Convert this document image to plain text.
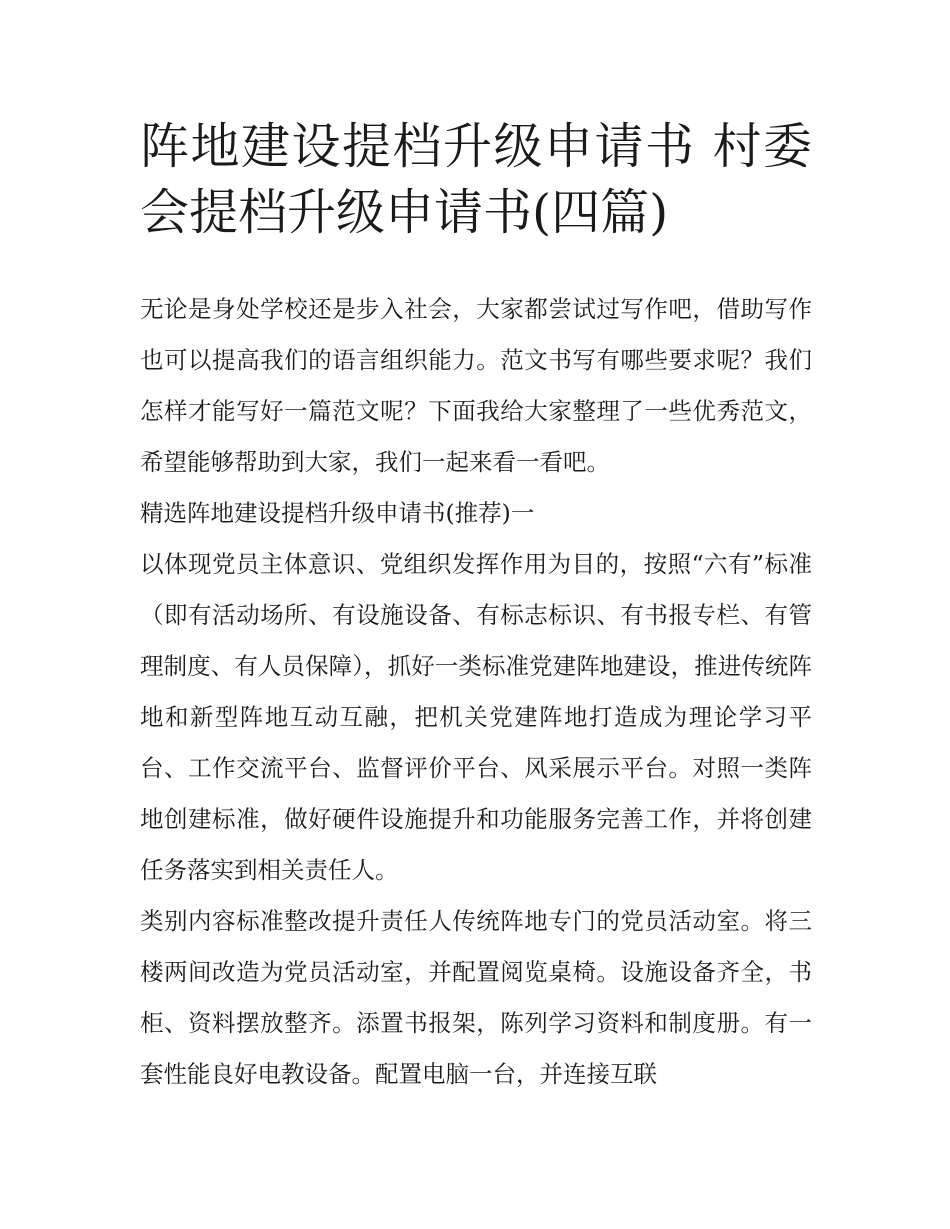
阵地建设提档升级申请书 村委会提档升级申请书(四篇)

无论是身处学校还是步入社会，大家都尝试过写作吧，借助写作也可以提高我们的语言组织能力。范文书写有哪些要求呢？我们怎样才能写好一篇范文呢？下面我给大家整理了一些优秀范文，希望能够帮助到大家，我们一起来看一看吧。

精选阵地建设提档升级申请书(推荐)一

以体现党员主体意识、党组织发挥作用为目的，按照“六有”标准（即有活动场所、有设施设备、有标志标识、有书报专栏、有管理制度、有人员保障），抓好一类标准党建阵地建设，推进传统阵地和新型阵地互动互融，把机关党建阵地打造成为理论学习平台、工作交流平台、监督评价平台、风采展示平台。对照一类阵地创建标准，做好硬件设施提升和功能服务完善工作，并将创建任务落实到相关责任人。

类别内容标准整改提升责任人传统阵地专门的党员活动室。将三楼两间改造为党员活动室，并配置阅览桌椅。设施设备齐全，书柜、资料摆放整齐。添置书报架，陈列学习资料和制度册。有一套性能良好电教设备。配置电脑一台，并连接互联
